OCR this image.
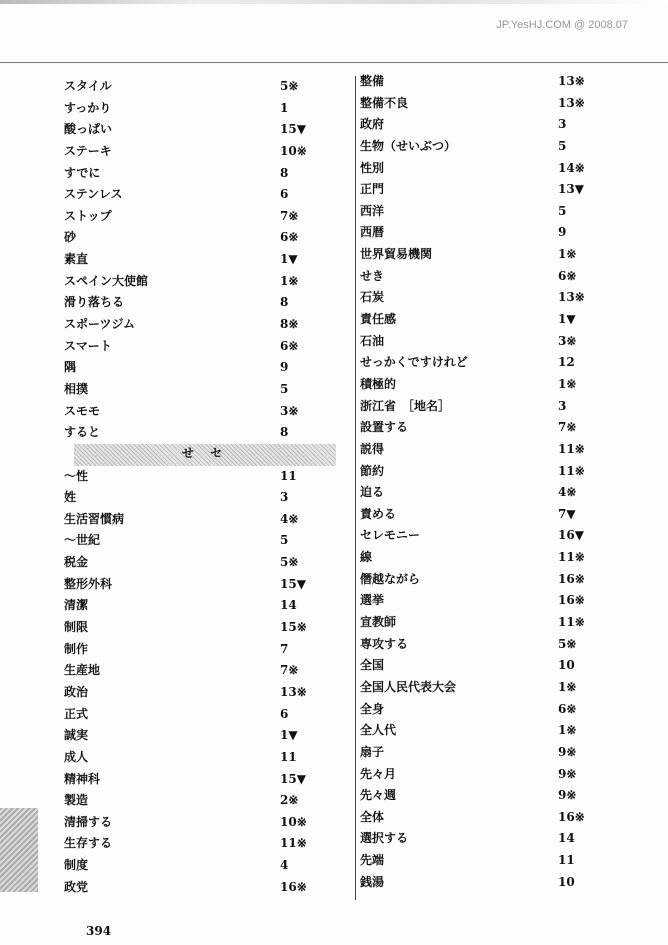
JP.YesHJ.COM @ 2008.07
スタイル	5※
すっかり	1
酸っぱい	15▼
ステーキ	10※
すでに	8
ステンレス	6
ストップ	7※
砂	6※
素直	1▼
スペイン大使館	1※
滑り落ちる	8
スポーツジム	8※
スマート	6※
隅	9
相撲	5
スモモ	3※
すると	8
せ セ
～性	11
姓	3
生活習慣病	4※
～世紀	5
税金	5※
整形外科	15▼
清潔	14
制限	15※
制作	7
生産地	7※
政治	13※
正式	6
誠実	1▼
成人	11
精神科	15▼
製造	2※
清掃する	10※
生存する	11※
制度	4
政党	16※
整備	13※
整備不良	13※
政府	3
生物（せいぶつ）	5
性別	14※
正門	13▼
西洋	5
西暦	9
世界貿易機関	1※
せき	6※
石炭	13※
責任感	1▼
石油	3※
せっかくですけれど	12
積極的	1※
浙江省　［地名］	3
設置する	7※
説得	11※
節約	11※
迫る	4※
責める	7▼
セレモニー	16▼
線	11※
僭越ながら	16※
選挙	16※
宣教師	11※
専攻する	5※
全国	10
全国人民代表大会	1※
全身	6※
全人代	1※
扇子	9※
先々月	9※
先々週	9※
全体	16※
選択する	14
先端	11
銭湯	10
394
